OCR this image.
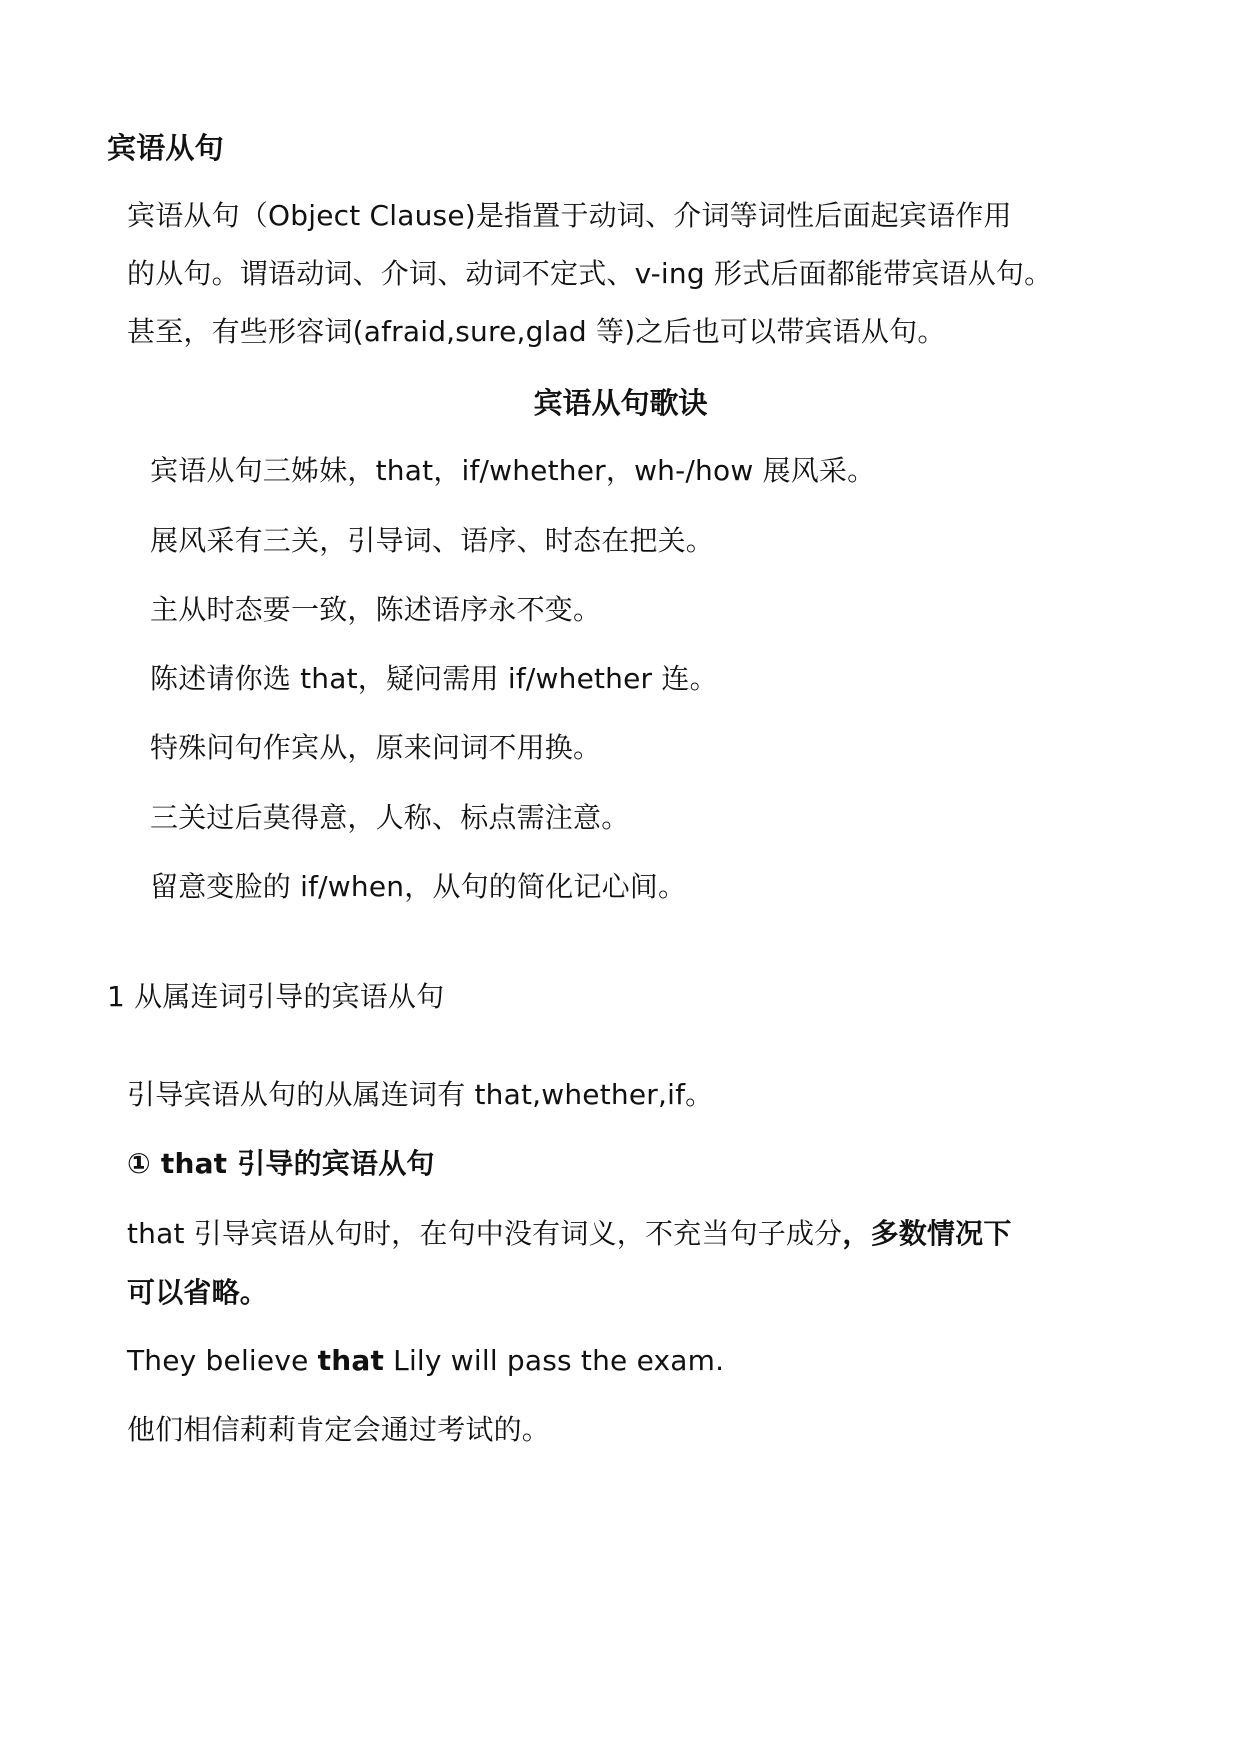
宾语从句
宾语从句（Object Clause)是指置于动词、介词等词性后面起宾语作用
的从句。谓语动词、介词、动词不定式、v-ing 形式后面都能带宾语从句。
甚至，有些形容词(afraid,sure,glad 等)之后也可以带宾语从句。
宾语从句歌诀
宾语从句三姊妹，that，if/whether，wh-/how 展风采。
展风采有三关，引导词、语序、时态在把关。
主从时态要一致，陈述语序永不变。
陈述请你选 that，疑问需用 if/whether 连。
特殊问句作宾从，原来问词不用换。
三关过后莫得意，人称、标点需注意。
留意变脸的 if/when，从句的简化记心间。
1 从属连词引导的宾语从句
引导宾语从句的从属连词有 that,whether,if。
① that 引导的宾语从句
that 引导宾语从句时，在句中没有词义，不充当句子成分，多数情况下
可以省略。
They believe that Lily will pass the exam.
他们相信莉莉肯定会通过考试的。
